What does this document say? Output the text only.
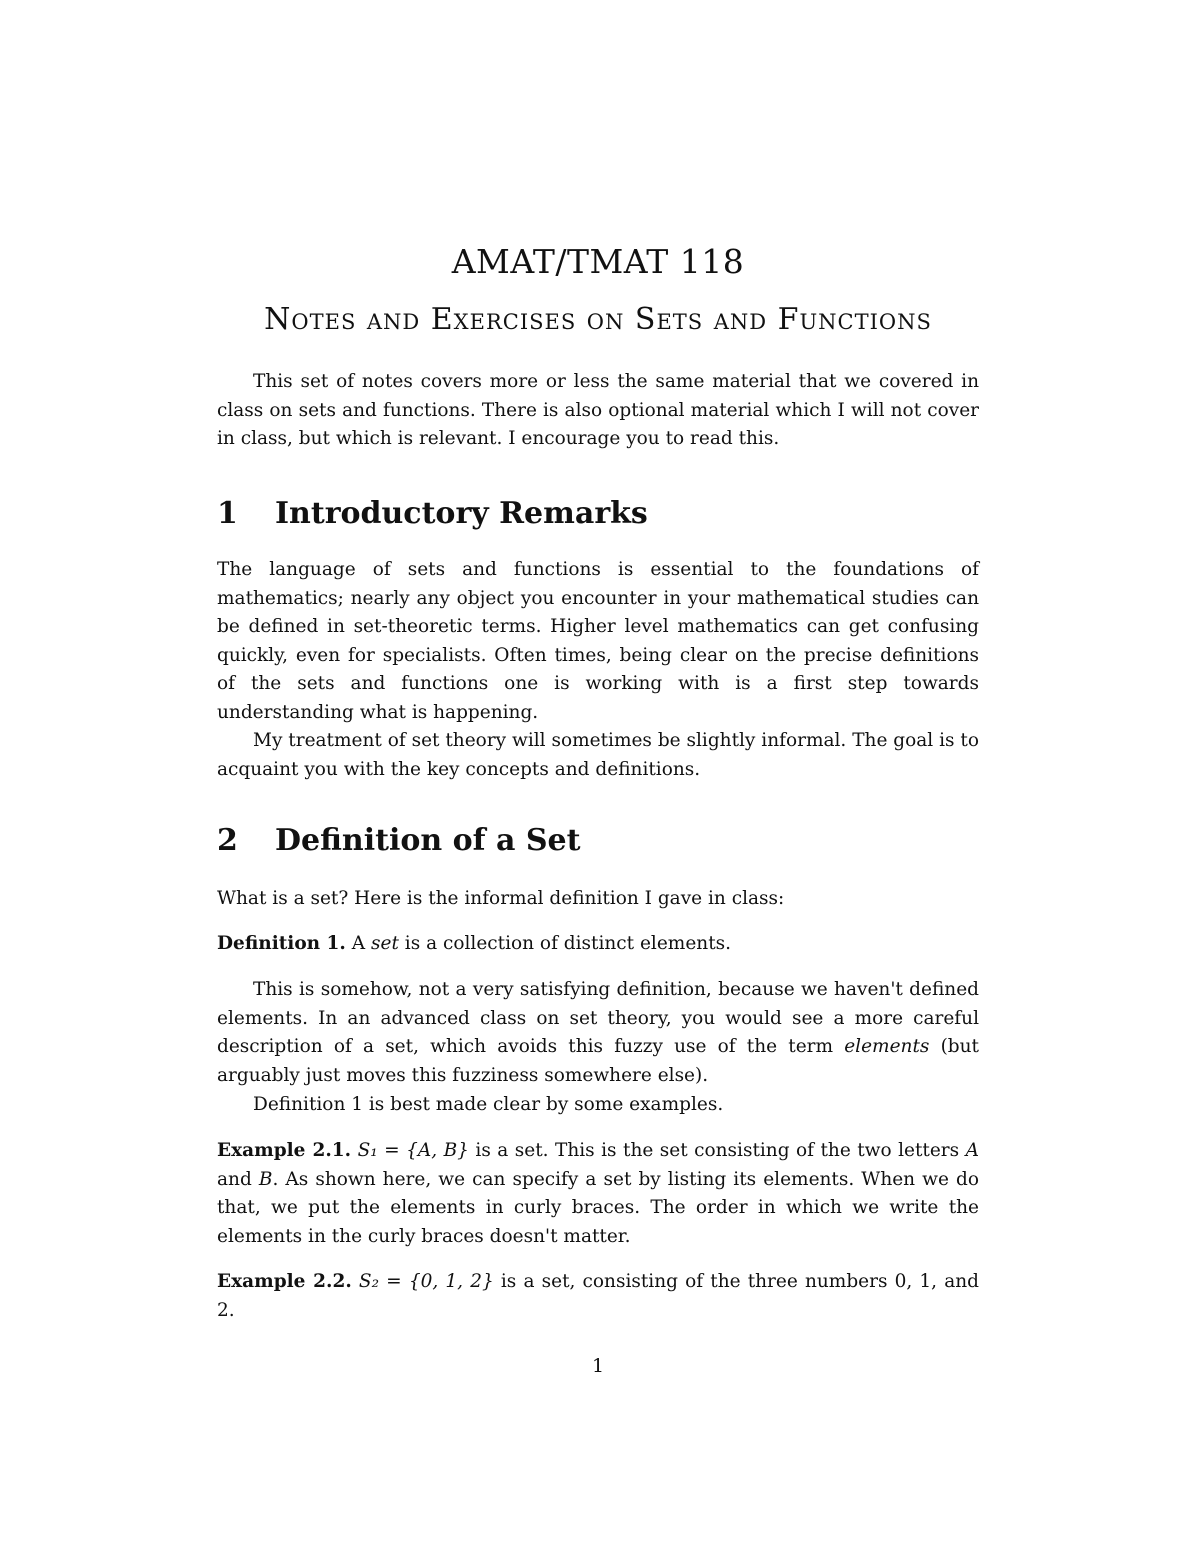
AMAT/TMAT 118
Notes and Exercises on Sets and Functions

This set of notes covers more or less the same material that we covered in class on sets and functions. There is also optional material which I will not cover in class, but which is relevant. I encourage you to read this.

1 Introductory Remarks

The language of sets and functions is essential to the foundations of mathematics; nearly any object you encounter in your mathematical studies can be defined in set-theoretic terms. Higher level mathematics can get confusing quickly, even for specialists. Often times, being clear on the precise definitions of the sets and functions one is working with is a first step towards understanding what is happening.

My treatment of set theory will sometimes be slightly informal. The goal is to acquaint you with the key concepts and definitions.

2 Definition of a Set

What is a set? Here is the informal definition I gave in class:

Definition 1. A set is a collection of distinct elements.

This is somehow, not a very satisfying definition, because we haven't defined elements. In an advanced class on set theory, you would see a more careful description of a set, which avoids this fuzzy use of the term elements (but arguably just moves this fuzziness somewhere else).

Definition 1 is best made clear by some examples.

Example 2.1. S₁ = {A, B} is a set. This is the set consisting of the two letters A and B. As shown here, we can specify a set by listing its elements. When we do that, we put the elements in curly braces. The order in which we write the elements in the curly braces doesn't matter.

Example 2.2. S₂ = {0, 1, 2} is a set, consisting of the three numbers 0, 1, and 2.

1
